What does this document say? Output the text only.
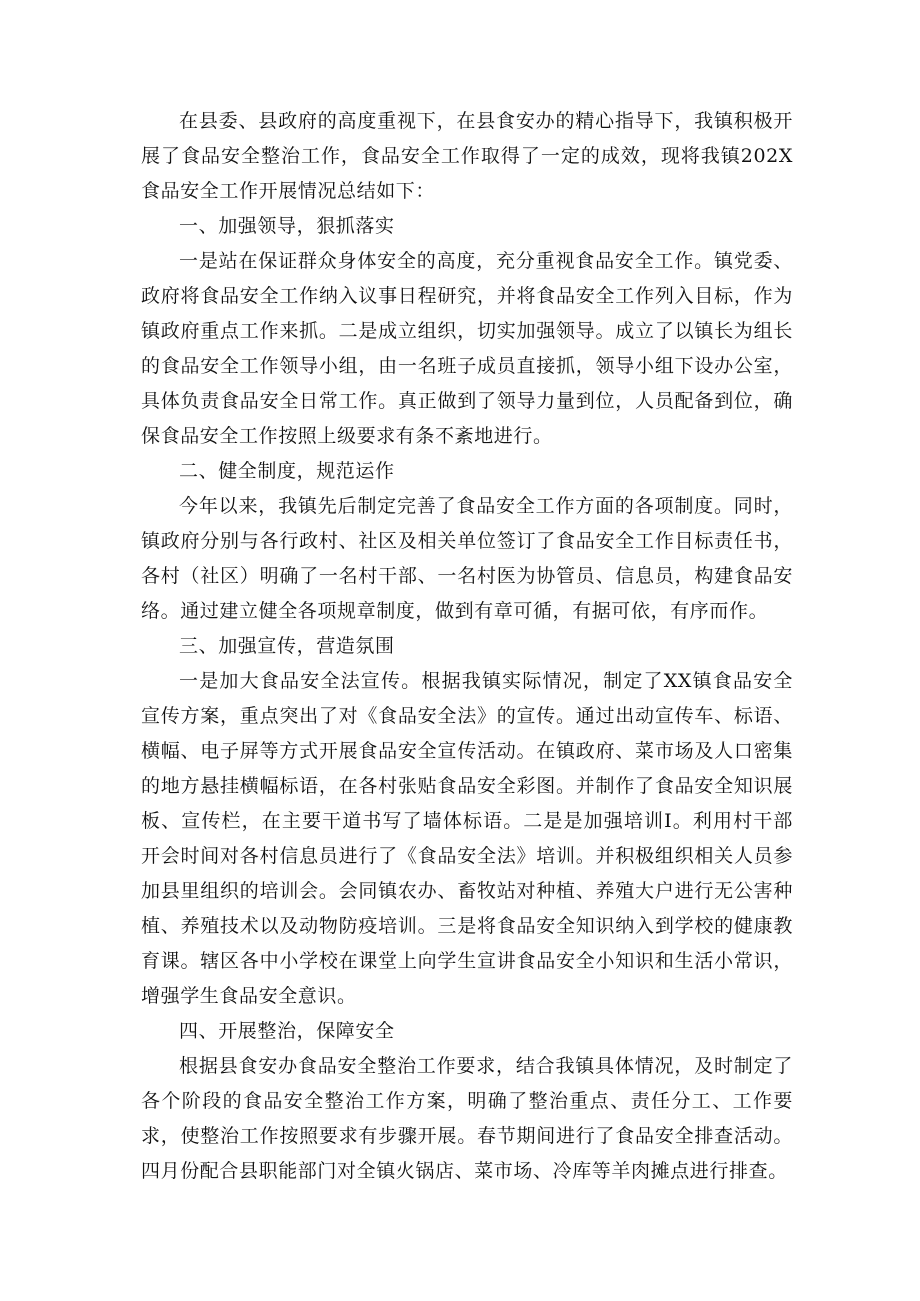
在县委、县政府的高度重视下，在县食安办的精心指导下，我镇积极开展了食品安全整治工作，食品安全工作取得了一定的成效，现将我镇202X食品安全工作开展情况总结如下：

一、加强领导，狠抓落实

一是站在保证群众身体安全的高度，充分重视食品安全工作。镇党委、政府将食品安全工作纳入议事日程研究，并将食品安全工作列入目标，作为镇政府重点工作来抓。二是成立组织，切实加强领导。成立了以镇长为组长的食品安全工作领导小组，由一名班子成员直接抓，领导小组下设办公室，具体负责食品安全日常工作。真正做到了领导力量到位，人员配备到位，确保食品安全工作按照上级要求有条不紊地进行。

二、健全制度，规范运作

今年以来，我镇先后制定完善了食品安全工作方面的各项制度。同时，镇政府分别与各行政村、社区及相关单位签订了食品安全工作目标责任书，各村（社区）明确了一名村干部、一名村医为协管员、信息员，构建食品安络。通过建立健全各项规章制度，做到有章可循，有据可依，有序而作。

三、加强宣传，营造氛围

一是加大食品安全法宣传。根据我镇实际情况，制定了XX镇食品安全宣传方案，重点突出了对《食品安全法》的宣传。通过出动宣传车、标语、横幅、电子屏等方式开展食品安全宣传活动。在镇政府、菜市场及人口密集的地方悬挂横幅标语，在各村张贴食品安全彩图。并制作了食品安全知识展板、宣传栏，在主要干道书写了墙体标语。二是是加强培训I。利用村干部开会时间对各村信息员进行了《食品安全法》培训。并积极组织相关人员参加县里组织的培训会。会同镇农办、畜牧站对种植、养殖大户进行无公害种植、养殖技术以及动物防疫培训。三是将食品安全知识纳入到学校的健康教育课。辖区各中小学校在课堂上向学生宣讲食品安全小知识和生活小常识，增强学生食品安全意识。

四、开展整治，保障安全

根据县食安办食品安全整治工作要求，结合我镇具体情况，及时制定了各个阶段的食品安全整治工作方案，明确了整治重点、责任分工、工作要求，使整治工作按照要求有步骤开展。春节期间进行了食品安全排查活动。四月份配合县职能部门对全镇火锅店、菜市场、冷库等羊肉摊点进行排查。
